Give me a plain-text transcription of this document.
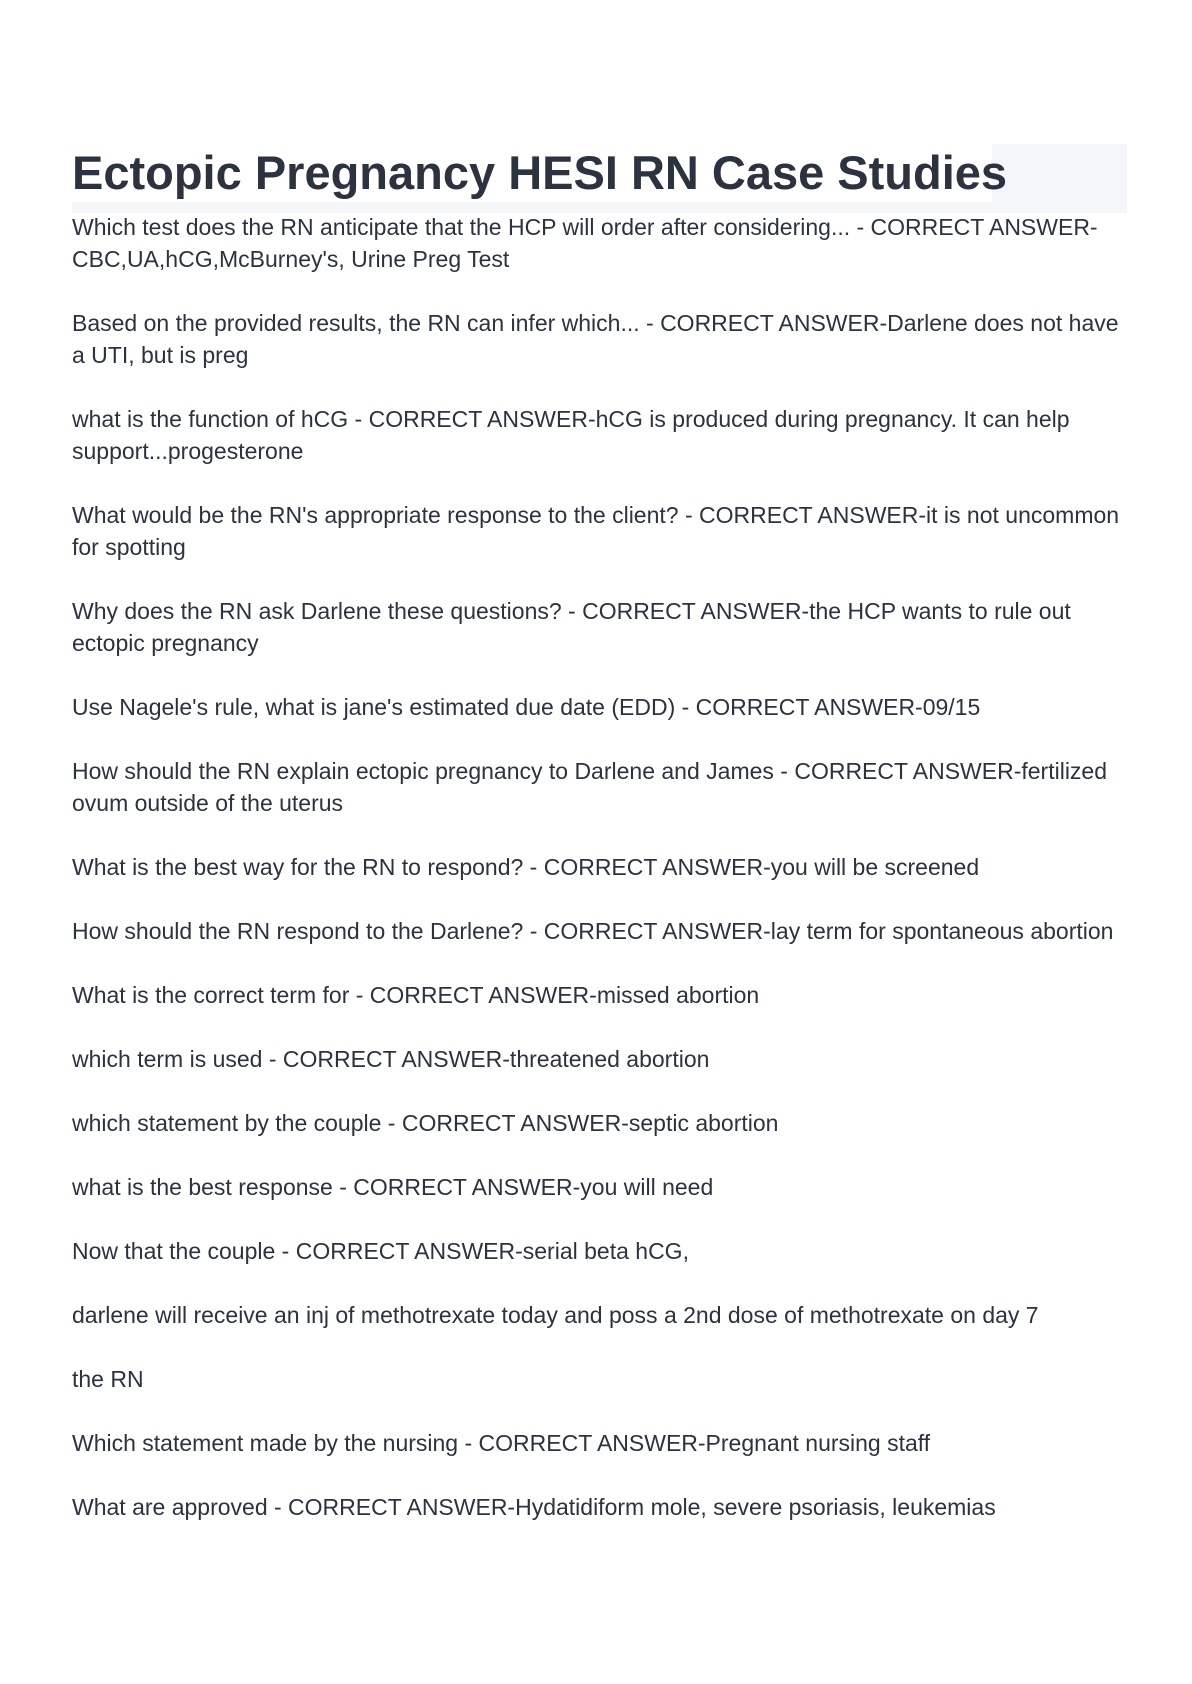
Ectopic Pregnancy HESI RN Case Studies

Which test does the RN anticipate that the HCP will order after considering... - CORRECT ANSWER-CBC,UA,hCG,McBurney's, Urine Preg Test

Based on the provided results, the RN can infer which... - CORRECT ANSWER-Darlene does not have a UTI, but is preg

what is the function of hCG - CORRECT ANSWER-hCG is produced during pregnancy. It can help support...progesterone

What would be the RN's appropriate response to the client? - CORRECT ANSWER-it is not uncommon for spotting

Why does the RN ask Darlene these questions? - CORRECT ANSWER-the HCP wants to rule out ectopic pregnancy

Use Nagele's rule, what is jane's estimated due date (EDD) - CORRECT ANSWER-09/15

How should the RN explain ectopic pregnancy to Darlene and James - CORRECT ANSWER-fertilized ovum outside of the uterus

What is the best way for the RN to respond? - CORRECT ANSWER-you will be screened

How should the RN respond to the Darlene? - CORRECT ANSWER-lay term for spontaneous abortion

What is the correct term for - CORRECT ANSWER-missed abortion

which term is used - CORRECT ANSWER-threatened abortion

which statement by the couple - CORRECT ANSWER-septic abortion

what is the best response - CORRECT ANSWER-you will need

Now that the couple - CORRECT ANSWER-serial beta hCG,

darlene will receive an inj of methotrexate today and poss a 2nd dose of methotrexate on day 7

the RN

Which statement made by the nursing - CORRECT ANSWER-Pregnant nursing staff

What are approved - CORRECT ANSWER-Hydatidiform mole, severe psoriasis, leukemias
